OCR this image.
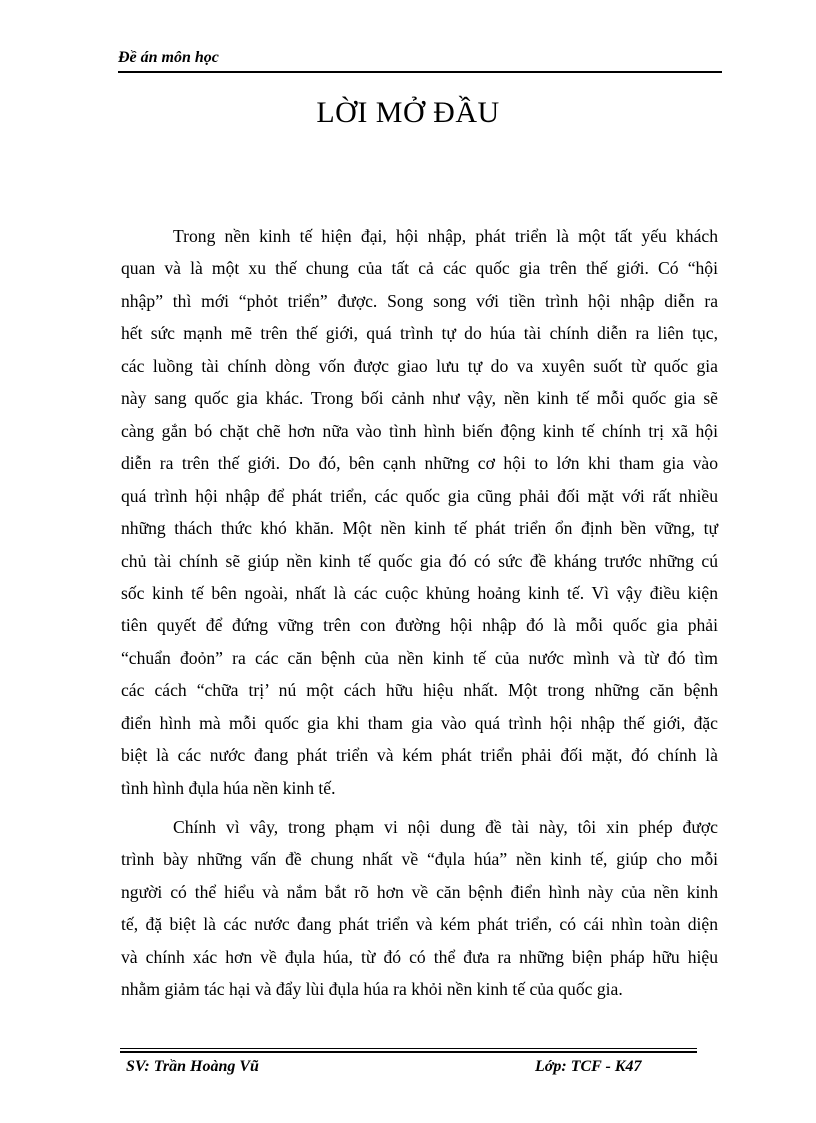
Đề án môn học
LỜI MỞ ĐẦU
Trong nền kinh tế hiện đại, hội nhập, phát triển là một tất yếu khách
quan và là một xu thế chung của tất cả các quốc gia trên thế giới. Có “hội
nhập” thì mới “phỏt triển” được. Song song với tiền trình hội nhập diễn ra
hết sức mạnh mẽ trên thế giới, quá trình tự do húa tài chính diễn ra liên tục,
các luồng tài chính dòng vốn được giao lưu tự do va xuyên suốt từ quốc gia
này sang quốc gia khác. Trong bối cảnh như vậy, nền kinh tế mỗi quốc gia sẽ
càng gắn bó chặt chẽ hơn nữa vào tình hình biến động kinh tế chính trị xã hội
diễn ra trên thế giới. Do đó, bên cạnh những cơ hội to lớn khi tham gia vào
quá trình hội nhập để phát triển, các quốc gia cũng phải đối mặt với rất nhiều
những thách thức khó khăn. Một nền kinh tế phát triển ổn định bền vững, tự
chủ tài chính sẽ giúp nền kinh tế quốc gia đó có sức đề kháng trước những cú
sốc kinh tế bên ngoài, nhất là các cuộc khủng hoảng kinh tế. Vì vậy điều kiện
tiên quyết để đứng vững trên con đường hội nhập đó là mỗi quốc gia phải
“chuẩn đoỏn” ra các căn bệnh của nền kinh tế của nước mình và từ đó tìm
các cách “chữa trị’ nú một cách hữu hiệu nhất. Một trong những căn bệnh
điển hình mà mỗi quốc gia khi tham gia vào quá trình hội nhập thế giới, đặc
biệt là các nước đang phát triển và kém phát triển phải đối mặt, đó chính là
tình hình đụla húa nền kinh tế.
Chính vì vây, trong phạm vi nội dung đề tài này, tôi xin phép được
trình bày những vấn đề chung nhất về “đụla húa” nền kinh tế, giúp cho mỗi
người có thể hiểu và nắm bắt rõ hơn về căn bệnh điển hình này của nền kinh
tế, đặ biệt là các nước đang phát triển và kém phát triển, có cái nhìn toàn diện
và chính xác hơn về đụla húa, từ đó có thể đưa ra những biện pháp hữu hiệu
nhằm giảm tác hại và đẩy lùi đụla húa ra khỏi nền kinh tế của quốc gia.
SV: Trần Hoàng Vũ	Lớp: TCF - K47
